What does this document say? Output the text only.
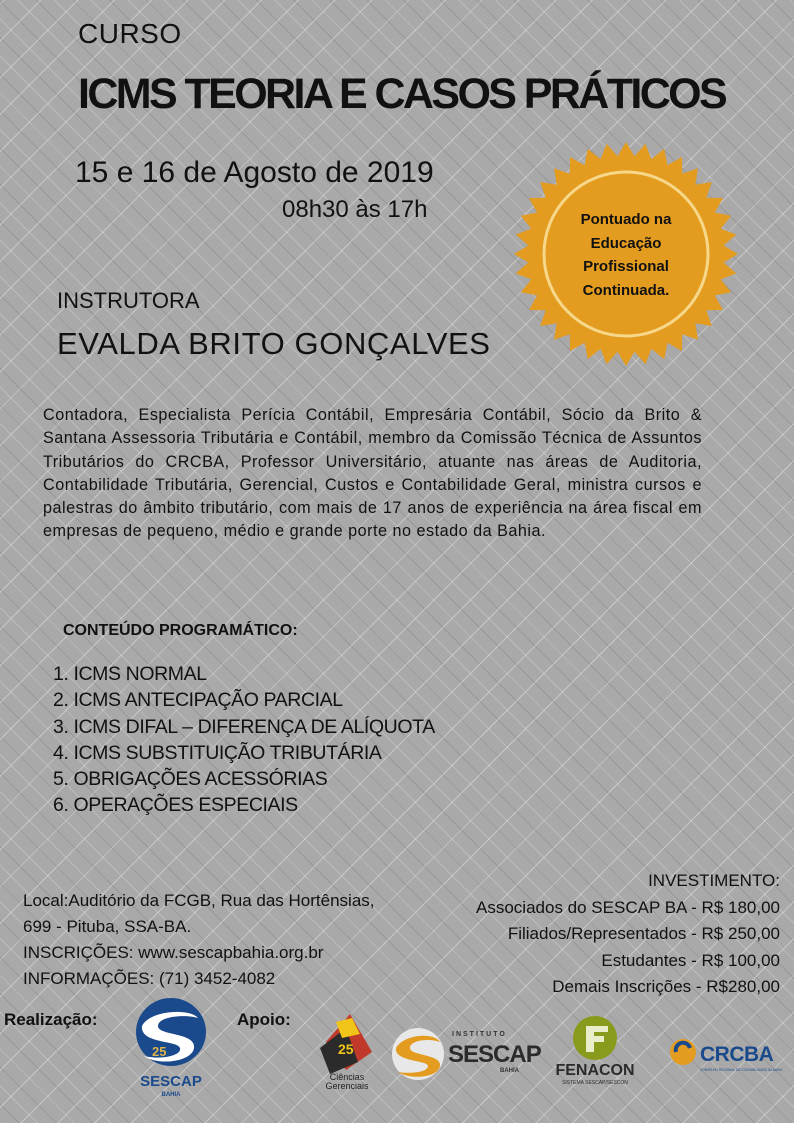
CURSO
ICMS TEORIA E CASOS PRÁTICOS
15 e 16 de Agosto de 2019
08h30 às 17h	Pontuado na
Educação
Profissional
Continuada.
INSTRUTORA
EVALDA BRITO GONÇALVES

Contadora, Especialista Perícia Contábil, Empresária Contábil, Sócio da Brito & Santana Assessoria Tributária e Contábil, membro da Comissão Técnica de Assuntos Tributários do CRCBA, Professor Universitário, atuante nas áreas de Auditoria, Contabilidade Tributária, Gerencial, Custos e Contabilidade Geral, ministra cursos e palestras do âmbito tributário, com mais de 17 anos de experiência na área fiscal em empresas de pequeno, médio e grande porte no estado da Bahia.

CONTEÚDO PROGRAMÁTICO:
1. ICMS NORMAL
2. ICMS ANTECIPAÇÃO PARCIAL
3. ICMS DIFAL – DIFERENÇA DE ALÍQUOTA
4. ICMS SUBSTITUIÇÃO TRIBUTÁRIA
5. OBRIGAÇÕES ACESSÓRIAS
6. OPERAÇÕES ESPECIAIS
Local:Auditório da FCGB, Rua das Hortênsias,
699 - Pituba, SSA-BA.
INSCRIÇÕES: www.sescapbahia.org.br
INFORMAÇÕES: (71) 3452-4082
INVESTIMENTO:
Associados do SESCAP BA - R$ 180,00
Filiados/Representados - R$ 250,00
Estudantes - R$ 100,00
Demais Inscrições - R$280,00
Realização:	Apoio:
25
SESCAP
BAHIA
25
Ciências
Gerenciais
INSTITUTO
SESCAP
BAHIA FENACON
SISTEMA SESCAP/SESCON
CRCBA
CONSELHO REGIONAL DE CONTABILIDADE DA BAHIA
